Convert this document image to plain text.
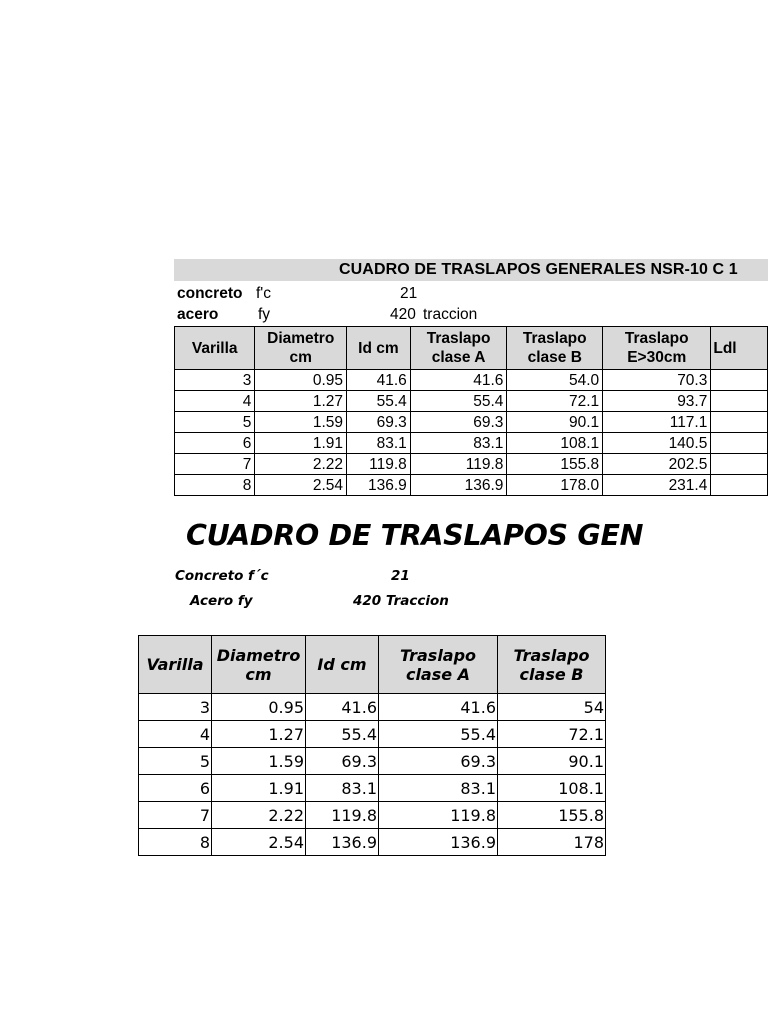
CUADRO DE TRASLAPOS GENERALES NSR-10 C 1
concreto f'c	21
acero	fy	420 traccion
Varilla	Diametro cm	Id cm	Traslapo clase A	Traslapo clase B	Traslapo E>30cm	Ldl
3	0.95	41.6	41.6	54.0	70.3	
4	1.27	55.4	55.4	72.1	93.7	
5	1.59	69.3	69.3	90.1	117.1	
6	1.91	83.1	83.1	108.1	140.5	
7	2.22	119.8	119.8	155.8	202.5	
8	2.54	136.9	136.9	178.0	231.4	
CUADRO DE TRASLAPOS GEN
Concreto f´c	21
Acero fy	420 Traccion
Varilla	Diametro cm	Id cm	Traslapo clase A	Traslapo clase B
3	0.95	41.6	41.6	54
4	1.27	55.4	55.4	72.1
5	1.59	69.3	69.3	90.1
6	1.91	83.1	83.1	108.1
7	2.22	119.8	119.8	155.8
8	2.54	136.9	136.9	178
